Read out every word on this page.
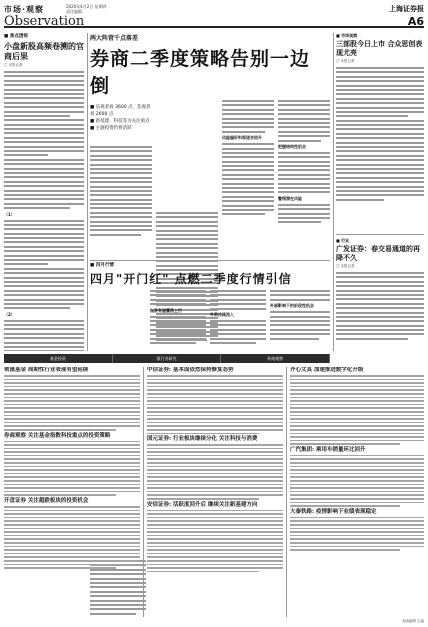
市场·观察	2020年4月2日 星期四
责任编辑	上海证券报
Observation	A6
■ 焦点透视
小盘新股高频卷溯的官商后果
□ 本报记者
（1）
（2）
两大阵营千点落差
券商二季度策略告别一边倒
■ 乐观者看 3600 点，悲观者看 2600 点
■ 新基建、科技等为关注重点
■ 主题投资仍将活跃
风险偏好料将逐步回升
把握结构性机会
警惕潜在风险
■ 四月行情
四月"开门红" 点燃二季度行情引信
指数有望震荡上行
外资持续流入
外部影响下的阶段性机会
■ 市场观察
三部股今日上市 合众思创表现尤亮
□ 本报记者
■ 行业
广发证券：春交易通道的再降不久
□ 本报记者
基金投资	银行业研究	券商观察
领涨基金 周期性行业表现有望延续
券商观察 关注基金指数科技重点的投资策略
开盘证券 关注超跌板块的投资机会
中信证券: 基本面依然保持修复态势
国元证券: 行业板块继续分化 关注科技与消费
安信证券: 活跃度回升后 继续关注新基建方向
齐心文具 加速推进数字化升级
广汽集团: 乘用车销量环比回升
大秦铁路: 疫情影响下业绩表现稳定
本版编辑 主编
